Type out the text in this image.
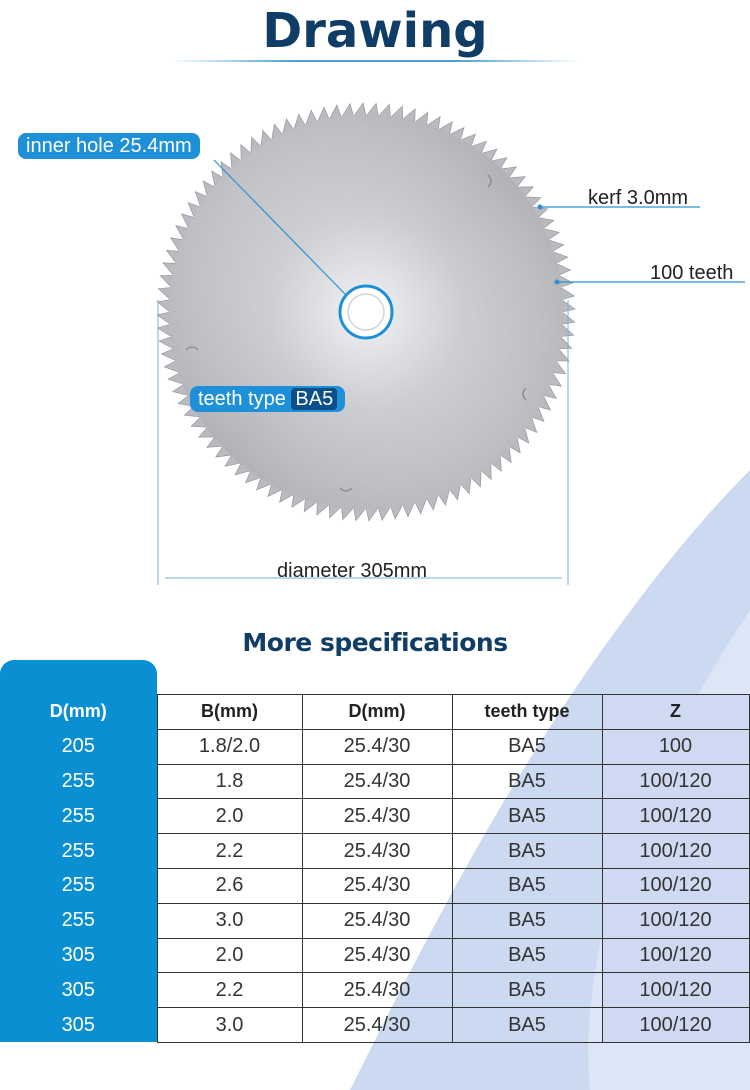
Drawing
inner hole 25.4mm
kerf 3.0mm
100 teeth
teeth type BA5
diameter 305mm
More specifications
D(mm)	B(mm)	D(mm)	teeth type	Z
205	1.8/2.0	25.4/30	BA5	100
255	1.8	25.4/30	BA5	100/120
255	2.0	25.4/30	BA5	100/120
255	2.2	25.4/30	BA5	100/120
255	2.6	25.4/30	BA5	100/120
255	3.0	25.4/30	BA5	100/120
305	2.0	25.4/30	BA5	100/120
305	2.2	25.4/30	BA5	100/120
305	3.0	25.4/30	BA5	100/120
